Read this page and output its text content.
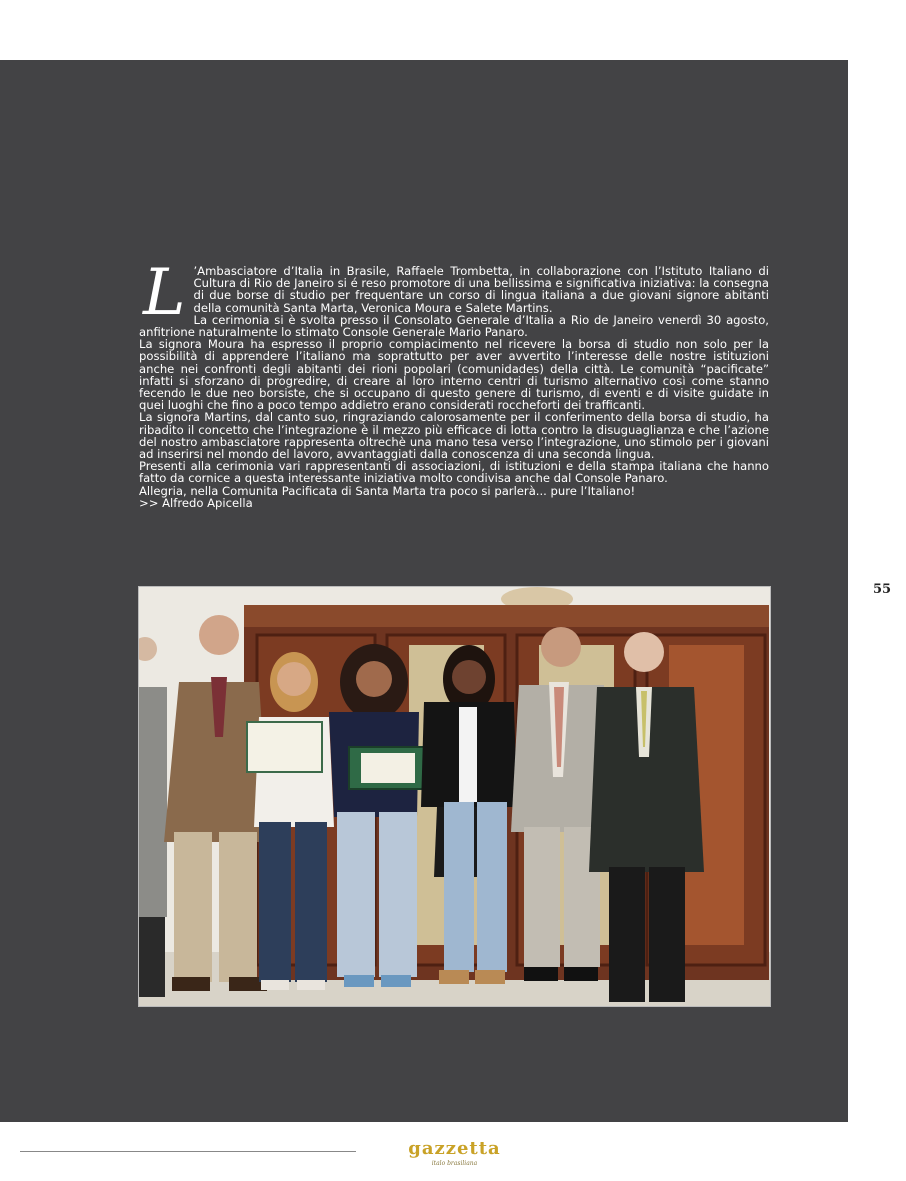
L ’Ambasciatore d’Italia in Brasile, Raffaele Trombetta, in collaborazione con l’Istituto Italiano di Cultura di Rio de Janeiro si é reso promotore di una bellissima e significativa iniziativa: la consegna di due borse di studio per frequentare un corso di lingua italiana a due giovani signore abitanti della comunità Santa Marta, Veronica Moura e Salete Martins.

La cerimonia si è svolta presso il Consolato Generale d’Italia a Rio de Janeiro venerdì 30 agosto, anfitrione naturalmente lo stimato Console Generale Mario Panaro.

La signora Moura ha espresso il proprio compiacimento nel ricevere la borsa di studio non solo per la possibilità di apprendere l’italiano ma soprattutto per aver avvertito l’interesse delle nostre istituzioni anche nei confronti degli abitanti dei rioni popolari (comunidades) della città. Le comunità “pacificate” infatti si sforzano di progredire, di creare al loro interno centri di turismo alternativo così come stanno fecendo le due neo borsiste, che si occupano di questo genere di turismo, di eventi e di visite guidate in quei luoghi che fino a poco tempo addietro erano considerati roccheforti dei trafficanti.

La signora Martins, dal canto suo, ringraziando calorosamente per il conferimento della borsa di studio, ha ribadito il concetto che l’integrazione è il mezzo più efficace di lotta contro la disuguaglianza e che l’azione del nostro ambasciatore rappresenta oltrechè una mano tesa verso l’integrazione, uno stimolo per i giovani ad inserirsi nel mondo del lavoro, avvantaggiati dalla conoscenza di una seconda lingua.

Presenti alla cerimonia vari rappresentanti di associazioni, di istituzioni e della stampa italiana che hanno fatto da cornice a questa interessante iniziativa molto condivisa anche dal Console Panaro.

Allegria, nella Comunita Pacificata di Santa Marta tra poco si parlerà... pure l’Italiano!

>> Alfredo Apicella

55
gazzetta
italo brasiliana
